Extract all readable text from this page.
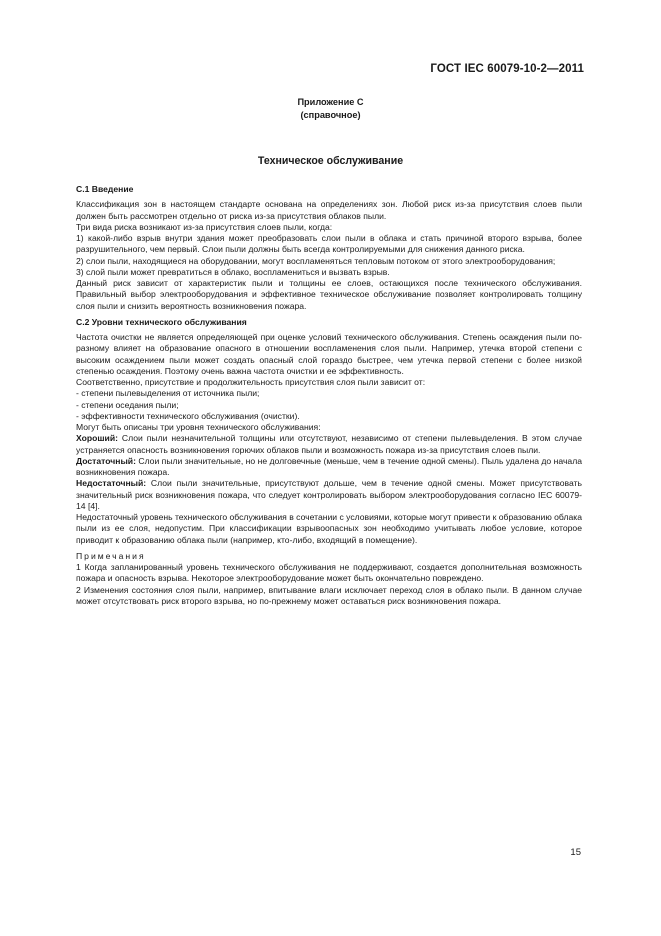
ГОСТ IEC 60079-10-2—2011
Приложение С
(справочное)
Техническое обслуживание

С.1 Введение

Классификация зон в настоящем стандарте основана на определениях зон. Любой риск из-за присутствия слоев пыли должен быть рассмотрен отдельно от риска из-за присутствия облаков пыли.

Три вида риска возникают из-за присутствия слоев пыли, когда:

1) какой-либо взрыв внутри здания может преобразовать слои пыли в облака и стать причиной второго взрыва, более разрушительного, чем первый. Слои пыли должны быть всегда контролируемыми для снижения данного риска.

2) слои пыли, находящиеся на оборудовании, могут воспламеняться тепловым потоком от этого электрооборудования;

3) слой пыли может превратиться в облако, воспламениться и вызвать взрыв.

Данный риск зависит от характеристик пыли и толщины ее слоев, остающихся после технического обслуживания. Правильный выбор электрооборудования и эффективное техническое обслуживание позволяет контролировать толщину слоя пыли и снизить вероятность возникновения пожара.

С.2 Уровни технического обслуживания

Частота очистки не является определяющей при оценке условий технического обслуживания. Степень осаждения пыли по-разному влияет на образование опасного в отношении воспламенения слоя пыли. Например, утечка второй степени с высоким осаждением пыли может создать опасный слой гораздо быстрее, чем утечка первой степени с более низкой степенью осаждения. Поэтому очень важна частота очистки и ее эффективность.

Соответственно, присутствие и продолжительность присутствия слоя пыли зависит от:

- степени пылевыделения от источника пыли;

- степени оседания пыли;

- эффективности технического обслуживания (очистки).

Могут быть описаны три уровня технического обслуживания:

Хороший: Слои пыли незначительной толщины или отсутствуют, независимо от степени пылевыделения. В этом случае устраняется опасность возникновения горючих облаков пыли и возможность пожара из-за присутствия слоев пыли.

Достаточный: Слои пыли значительные, но не долговечные (меньше, чем в течение одной смены). Пыль удалена до начала возникновения пожара.

Недостаточный: Слои пыли значительные, присутствуют дольше, чем в течение одной смены. Может присутствовать значительный риск возникновения пожара, что следует контролировать выбором электрооборудования согласно IEC 60079-14 [4].

Недостаточный уровень технического обслуживания в сочетании с условиями, которые могут привести к образованию облака пыли из ее слоя, недопустим. При классификации взрывоопасных зон необходимо учитывать любое условие, которое приводит к образованию облака пыли (например, кто-либо, входящий в помещение).

Примечания

1 Когда запланированный уровень технического обслуживания не поддерживают, создается дополнительная возможность пожара и опасность взрыва. Некоторое электрооборудование может быть окончательно повреждено.

2 Изменения состояния слоя пыли, например, впитывание влаги исключает переход слоя в облако пыли. В данном случае может отсутствовать риск второго взрыва, но по-прежнему может оставаться риск возникновения пожара.

15
